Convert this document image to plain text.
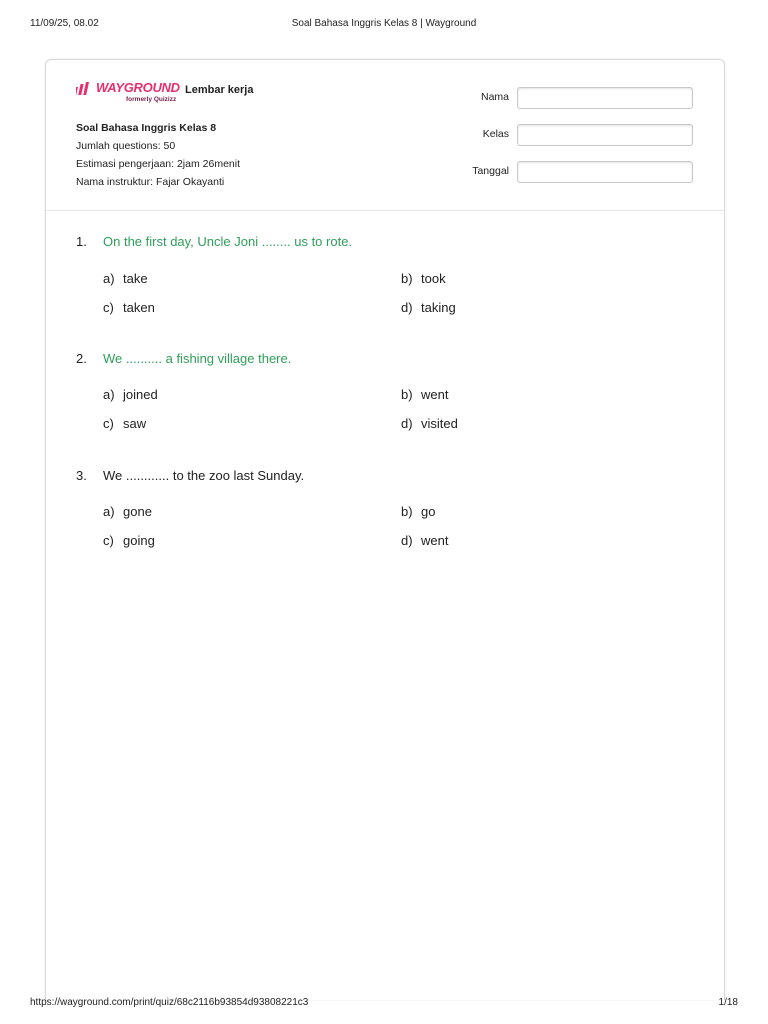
11/09/25, 08.02	Soal Bahasa Inggris Kelas 8 | Wayground
WAYGROUND
formerly Quizizz
Lembar kerja
Soal Bahasa Inggris Kelas 8
Jumlah questions: 50
Estimasi pengerjaan: 2jam 26menit
Nama instruktur: Fajar Okayanti
Nama
Kelas
Tanggal
1. On the first day, Uncle Joni ........ us to rote.
a) take	b) took
c) taken	d) taking
2. We .......... a fishing village there.
a) joined	b) went
c) saw	d) visited
3. We ............ to the zoo last Sunday.
a) gone	b) go
c) going	d) went
https://wayground.com/print/quiz/68c2116b93854d93808221c3	1/18
